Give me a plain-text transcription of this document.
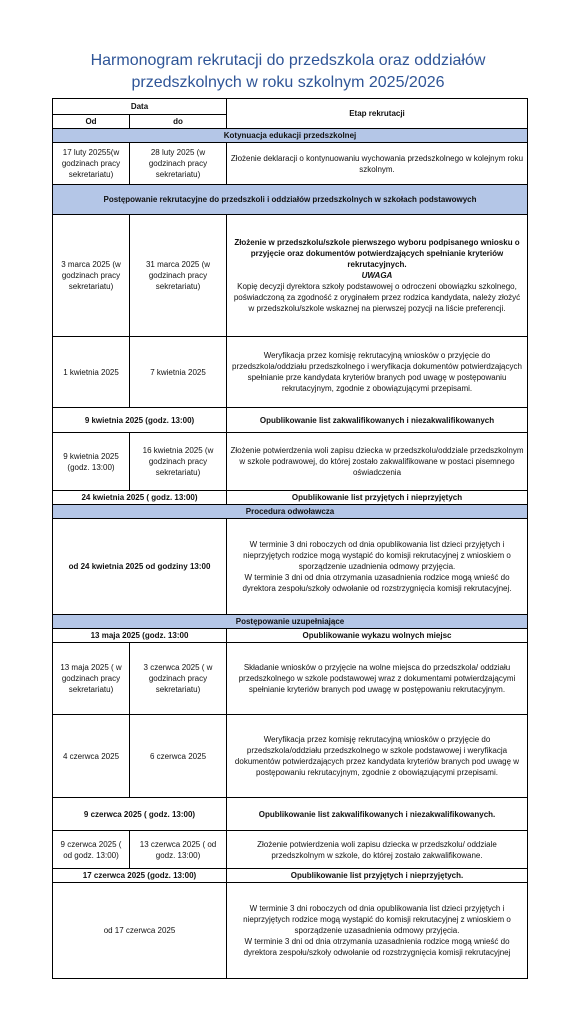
Harmonogram rekrutacji do przedszkola oraz oddziałów
przedszkolnych w roku szkolnym 2025/2026
Data		Etap rekrutacji
Od	do	
Kotynuacja edukacji przedszkolnej		
17 luty 20255(w godzinach pracy sekretariatu)	28 luty 2025 (w godzinach pracy sekretariatu)	Złożenie deklaracji o kontynuowaniu wychowania przedszkolnego w kolejnym roku szkolnym.
Postępowanie rekrutacyjne do przedszkoli i oddziałów przedszkolnych w szkołach podstawowych		
3 marca 2025 (w godzinach pracy sekretariatu)	31 marca 2025 (w godzinach pracy sekretariatu)	Złożenie w przedszkolu/szkole pierwszego wyboru podpisanego wniosku o przyjęcie oraz dokumentów potwierdzających spełnianie kryteriów rekrutacyjnych.
UWAGA
Kopię decyzji dyrektora szkoły podstawowej o odroczeni obowiązku szkolnego, poświadczoną za zgodność z oryginałem przez rodzica kandydata, należy złożyć w przedszkolu/szkole wskaznej na pierwszej pozycji na liście preferencji.

1 kwietnia 2025	7 kwietnia 2025	Weryfikacja przez komisję rekrutacyjną wniosków o przyjęcie do przedszkola/oddziału przedszkolnego i weryfikacja dokumentów potwierdzających spełnianie prze kandydata kryteriów branych pod uwagę w postępowaniu rekrutacyjnym, zgodnie z obowiązującymi przepisami.
9 kwietnia 2025 (godz. 13:00)		Opublikowanie list zakwalifikowanych i niezakwalifikowanych
9 kwietnia 2025 (godz. 13:00)	16 kwietnia 2025 (w godzinach pracy sekretariatu)	Złożenie potwierdzenia woli zapisu dziecka w przedszkolu/oddziale przedszkolnym w szkole podrawowej, do której zostało zakwalifikowane w postaci pisemnego oświadczenia
24 kwietnia 2025 ( godz. 13:00)		Opublikowanie list przyjętych i nieprzyjętych
Procedura odwoławcza		
od 24 kwietnia 2025 od godziny 13:00		W terminie 3 dni roboczych od dnia opublikowania list dzieci przyjętych i nieprzyjętych rodzice mogą wystąpić do komisji rekrutacyjnej z wnioskiem o sporządzenie uzadnienia odmowy przyjęcia.
W terminie 3 dni od dnia otrzymania uzasadnienia rodzice mogą wnieść do dyrektora zespołu/szkoły odwołanie od rozstrzygnięcia komisji rekrutacyjnej.

Postępowanie uzupełniające		
13 maja 2025 (godz. 13:00		Opublikowanie wykazu wolnych miejsc
13 maja 2025 ( w godzinach pracy sekretariatu)	3 czerwca 2025 ( w godzinach pracy sekretariatu)	Składanie wniosków o przyjęcie na wolne miejsca do przedszkola/ oddziału przedszkolnego w szkole podstawowej wraz z dokumentami potwierdzającymi spełnianie kryteriów branych pod uwagę w postępowaniu rekrutacyjnym.
4 czerwca 2025	6 czerwca 2025	Weryfikacja przez komisję rekrutacyjną wniosków o przyjęcie do przedszkola/oddziału przedszkolnego w szkole podstawowej i weryfikacja dokumentów potwierdzających przez kandydata kryteriów branych pod uwagę w postępowaniu rekrutacyjnym, zgodnie z obowiązującymi przepisami.
9 czerwca 2025 ( godz. 13:00)		Opublikowanie list zakwalifikowanych i niezakwalifikowanych.
9 czerwca 2025 ( od godz. 13:00)	13 czerwca 2025 ( od godz. 13:00)	Złożenie potwierdzenia woli zapisu dziecka w przedszkolu/ oddziale przedszkolnym w szkole, do której zostało zakwalifikowane.
17 czerwca 2025 (godz. 13:00)		Opublikowanie list przyjętych i nieprzyjętych.
od 17 czerwca 2025		W terminie 3 dni roboczych od dnia opublikowania list dzieci przyjętych i nieprzyjętych rodzice mogą wystąpić do komisji rekrutacyjnej z wnioskiem o sporządzenie uzasadnienia odmowy przyjęcia.
W terminie 3 dni od dnia otrzymania uzasadnienia rodzice mogą wnieść do dyrektora zespołu/szkoły odwołanie od rozstrzygnięcia komisji rekrutacyjnej
